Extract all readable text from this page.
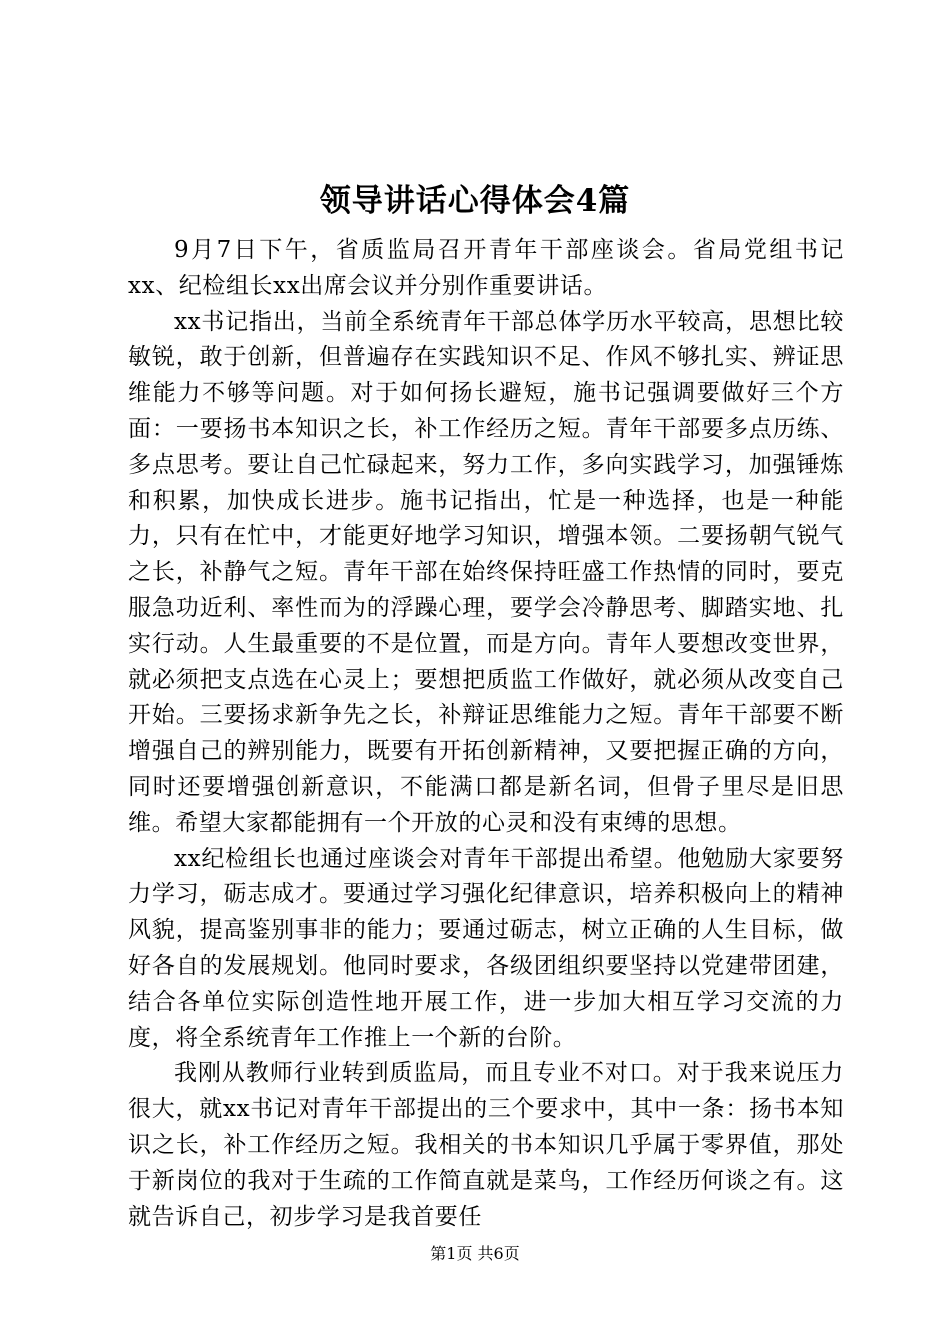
领导讲话心得体会4篇

9月7日下午，省质监局召开青年干部座谈会。省局党组书记xx、纪检组长xx出席会议并分别作重要讲话。

xx书记指出，当前全系统青年干部总体学历水平较高，思想比较敏锐，敢于创新，但普遍存在实践知识不足、作风不够扎实、辨证思维能力不够等问题。对于如何扬长避短，施书记强调要做好三个方面：一要扬书本知识之长，补工作经历之短。青年干部要多点历练、多点思考。要让自己忙碌起来，努力工作，多向实践学习，加强锤炼和积累，加快成长进步。施书记指出，忙是一种选择，也是一种能力，只有在忙中，才能更好地学习知识，增强本领。二要扬朝气锐气之长，补静气之短。青年干部在始终保持旺盛工作热情的同时，要克服急功近利、率性而为的浮躁心理，要学会冷静思考、脚踏实地、扎实行动。人生最重要的不是位置，而是方向。青年人要想改变世界，就必须把支点选在心灵上；要想把质监工作做好，就必须从改变自己开始。三要扬求新争先之长，补辩证思维能力之短。青年干部要不断增强自己的辨别能力，既要有开拓创新精神，又要把握正确的方向，同时还要增强创新意识，不能满口都是新名词，但骨子里尽是旧思维。希望大家都能拥有一个开放的心灵和没有束缚的思想。

xx纪检组长也通过座谈会对青年干部提出希望。他勉励大家要努力学习，砺志成才。要通过学习强化纪律意识，培养积极向上的精神风貌，提高鉴别事非的能力；要通过砺志，树立正确的人生目标，做好各自的发展规划。他同时要求，各级团组织要坚持以党建带团建，结合各单位实际创造性地开展工作，进一步加大相互学习交流的力度，将全系统青年工作推上一个新的台阶。

我刚从教师行业转到质监局，而且专业不对口。对于我来说压力很大，就xx书记对青年干部提出的三个要求中，其中一条：扬书本知识之长，补工作经历之短。我相关的书本知识几乎属于零界值，那处于新岗位的我对于生疏的工作简直就是菜鸟，工作经历何谈之有。这就告诉自己，初步学习是我首要任

第1页 共6页
